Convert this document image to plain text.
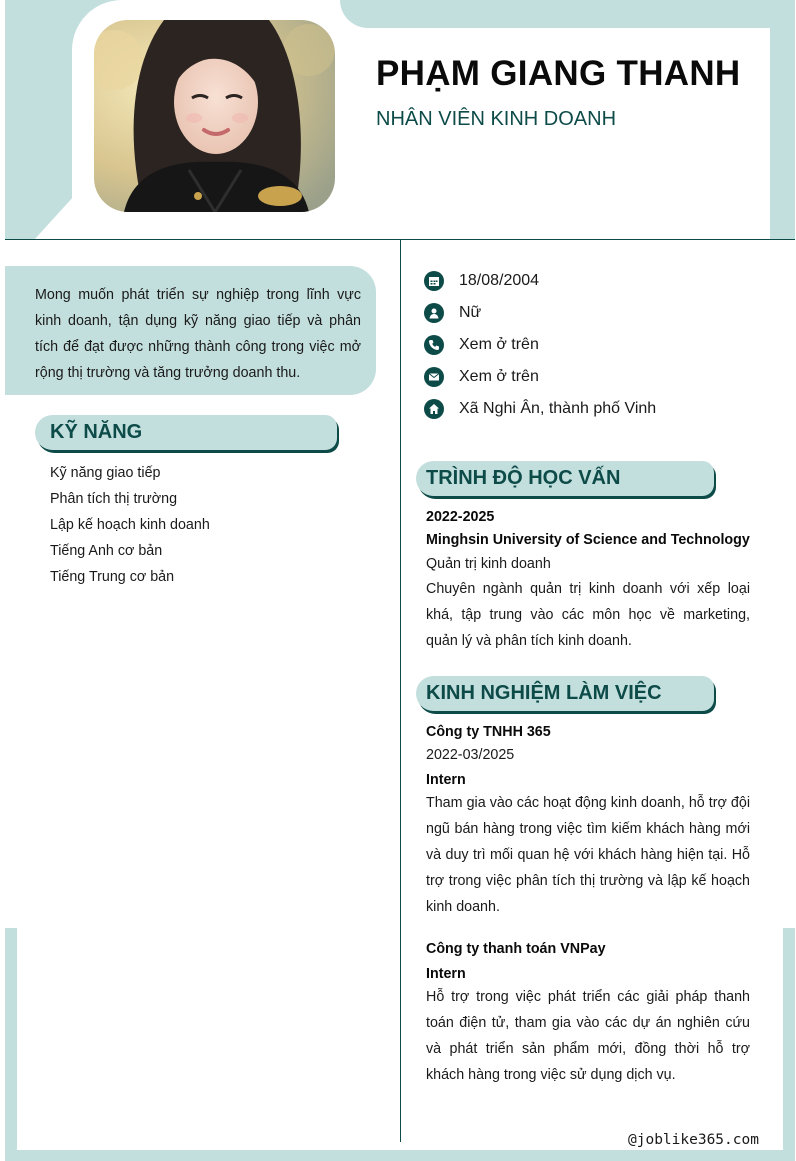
PHẠM GIANG THANH
NHÂN VIÊN KINH DOANH

Mong muốn phát triển sự nghiệp trong lĩnh vực kinh doanh, tận dụng kỹ năng giao tiếp và phân tích để đạt được những thành công trong việc mở rộng thị trường và tăng trưởng doanh thu.

KỸ NĂNG
Kỹ năng giao tiếp
Phân tích thị trường
Lập kế hoạch kinh doanh
Tiếng Anh cơ bản
Tiếng Trung cơ bản
18/08/2004
Nữ
Xem ở trên
Xem ở trên
Xã Nghi Ân, thành phố Vinh
TRÌNH ĐỘ HỌC VẤN
2022-2025
Minghsin University of Science and Technology
Quản trị kinh doanh
Chuyên ngành quản trị kinh doanh với xếp loại khá, tập trung vào các môn học về marketing, quản lý và phân tích kinh doanh.
KINH NGHIỆM LÀM VIỆC
Công ty TNHH 365
2022-03/2025
Intern
Tham gia vào các hoạt động kinh doanh, hỗ trợ đội ngũ bán hàng trong việc tìm kiếm khách hàng mới và duy trì mối quan hệ với khách hàng hiện tại. Hỗ trợ trong việc phân tích thị trường và lập kế hoạch kinh doanh.
Công ty thanh toán VNPay
Intern
Hỗ trợ trong việc phát triển các giải pháp thanh toán điện tử, tham gia vào các dự án nghiên cứu và phát triển sản phẩm mới, đồng thời hỗ trợ khách hàng trong việc sử dụng dịch vụ.
@joblike365.com
